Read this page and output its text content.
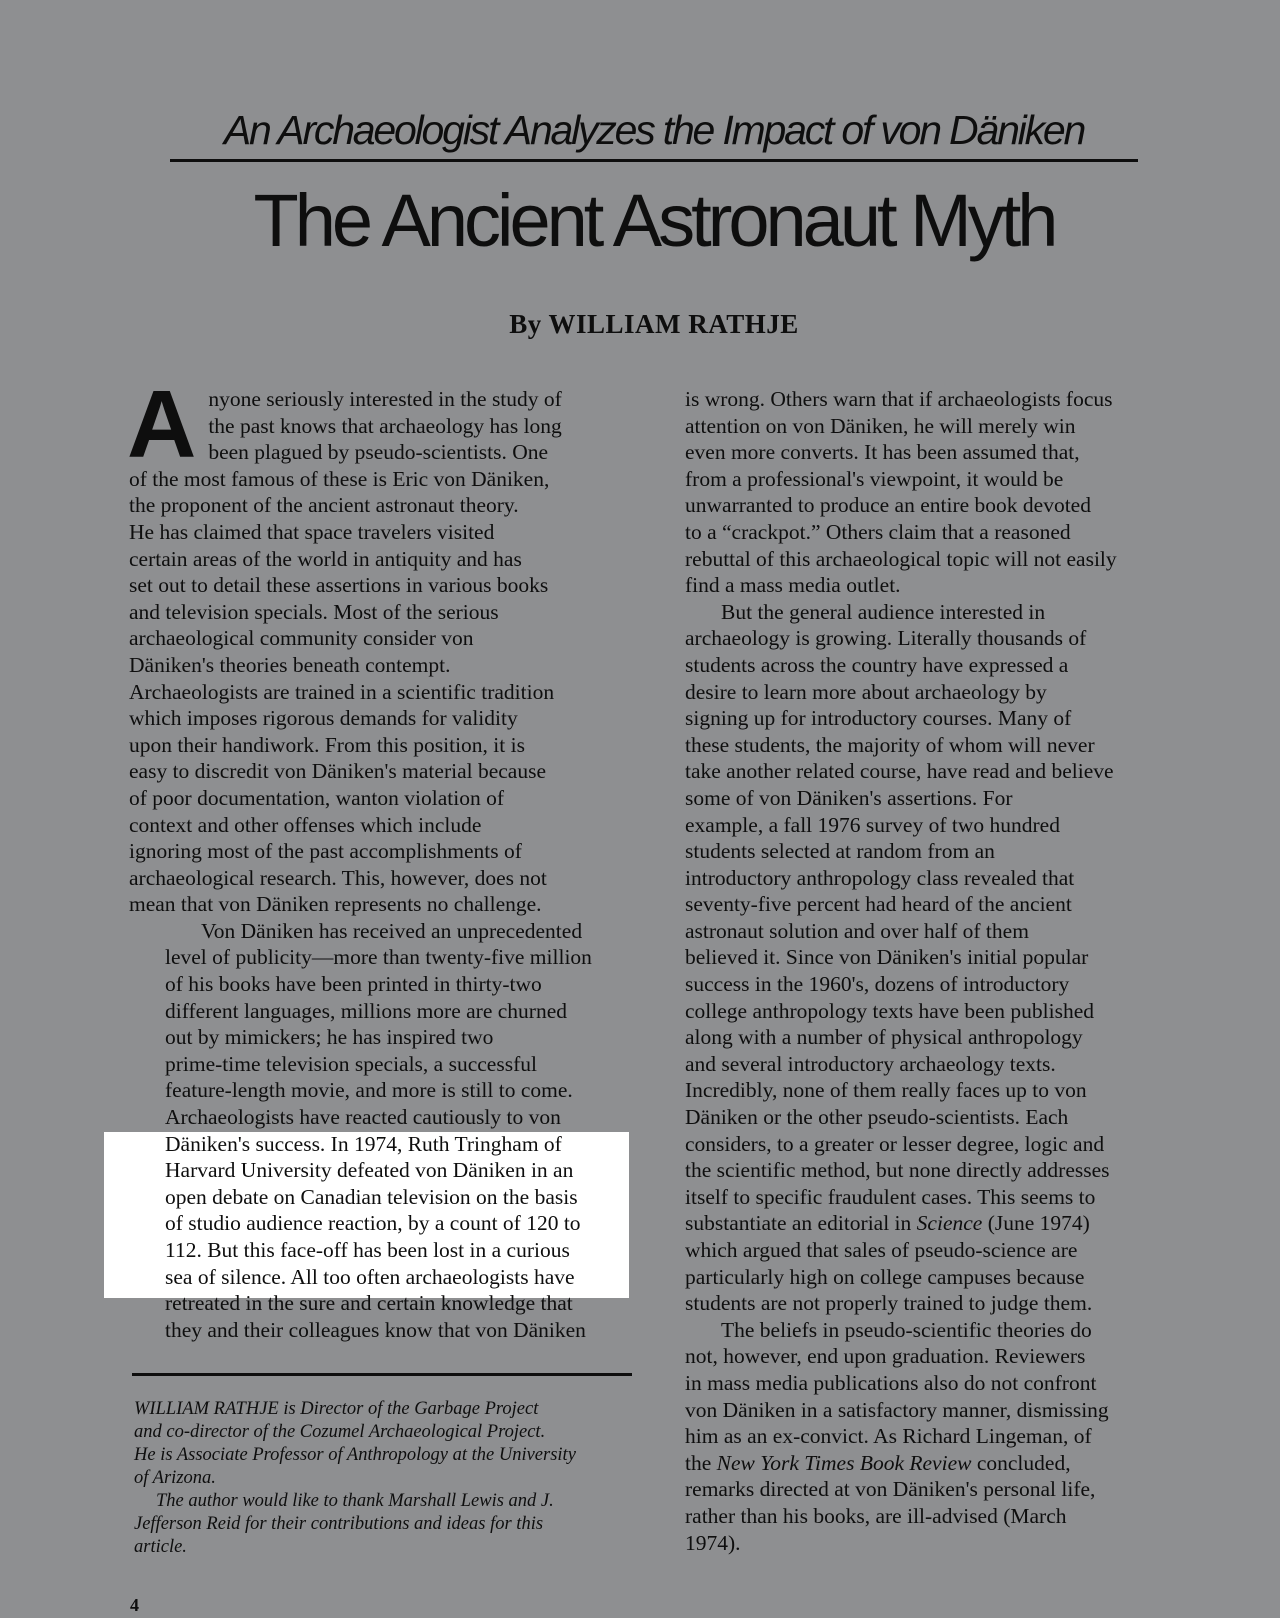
An Archaeologist Analyzes the Impact of von Däniken
The Ancient Astronaut Myth
By WILLIAM RATHJE
A nyone seriously interested in the study of
the past knows that archaeology has long
been plagued by pseudo-scientists. One
of the most famous of these is Eric von Däniken,
the proponent of the ancient astronaut theory.
He has claimed that space travelers visited
certain areas of the world in antiquity and has
set out to detail these assertions in various books
and television specials. Most of the serious
archaeological community consider von
Däniken's theories beneath contempt.
Archaeologists are trained in a scientific tradition
which imposes rigorous demands for validity
upon their handiwork. From this position, it is
easy to discredit von Däniken's material because
of poor documentation, wanton violation of
context and other offenses which include
ignoring most of the past accomplishments of
archaeological research. This, however, does not
mean that von Däniken represents no challenge.
Von Däniken has received an unprecedented
level of publicity—more than twenty-five million
of his books have been printed in thirty-two
different languages, millions more are churned
out by mimickers; he has inspired two
prime-time television specials, a successful
feature-length movie, and more is still to come.
Archaeologists have reacted cautiously to von
Däniken's success. In 1974, Ruth Tringham of
Harvard University defeated von Däniken in an
open debate on Canadian television on the basis
of studio audience reaction, by a count of 120 to
112. But this face-off has been lost in a curious
sea of silence. All too often archaeologists have
retreated in the sure and certain knowledge that
they and their colleagues know that von Däniken
is wrong. Others warn that if archaeologists focus
attention on von Däniken, he will merely win
even more converts. It has been assumed that,
from a professional's viewpoint, it would be
unwarranted to produce an entire book devoted
to a “crackpot.” Others claim that a reasoned
rebuttal of this archaeological topic will not easily
find a mass media outlet.
But the general audience interested in
archaeology is growing. Literally thousands of
students across the country have expressed a
desire to learn more about archaeology by
signing up for introductory courses. Many of
these students, the majority of whom will never
take another related course, have read and believe
some of von Däniken's assertions. For
example, a fall 1976 survey of two hundred
students selected at random from an
introductory anthropology class revealed that
seventy-five percent had heard of the ancient
astronaut solution and over half of them
believed it. Since von Däniken's initial popular
success in the 1960's, dozens of introductory
college anthropology texts have been published
along with a number of physical anthropology
and several introductory archaeology texts.
Incredibly, none of them really faces up to von
Däniken or the other pseudo-scientists. Each
considers, to a greater or lesser degree, logic and
the scientific method, but none directly addresses
itself to specific fraudulent cases. This seems to
substantiate an editorial in Science (June 1974)
which argued that sales of pseudo-science are
particularly high on college campuses because
students are not properly trained to judge them.
The beliefs in pseudo-scientific theories do
not, however, end upon graduation. Reviewers
in mass media publications also do not confront
von Däniken in a satisfactory manner, dismissing
him as an ex-convict. As Richard Lingeman, of
the New York Times Book Review concluded,
remarks directed at von Däniken's personal life,
rather than his books, are ill-advised (March
1974).
WILLIAM RATHJE is Director of the Garbage Project
and co-director of the Cozumel Archaeological Project.
He is Associate Professor of Anthropology at the University
of Arizona.
The author would like to thank Marshall Lewis and J.
Jefferson Reid for their contributions and ideas for this
article.
4
